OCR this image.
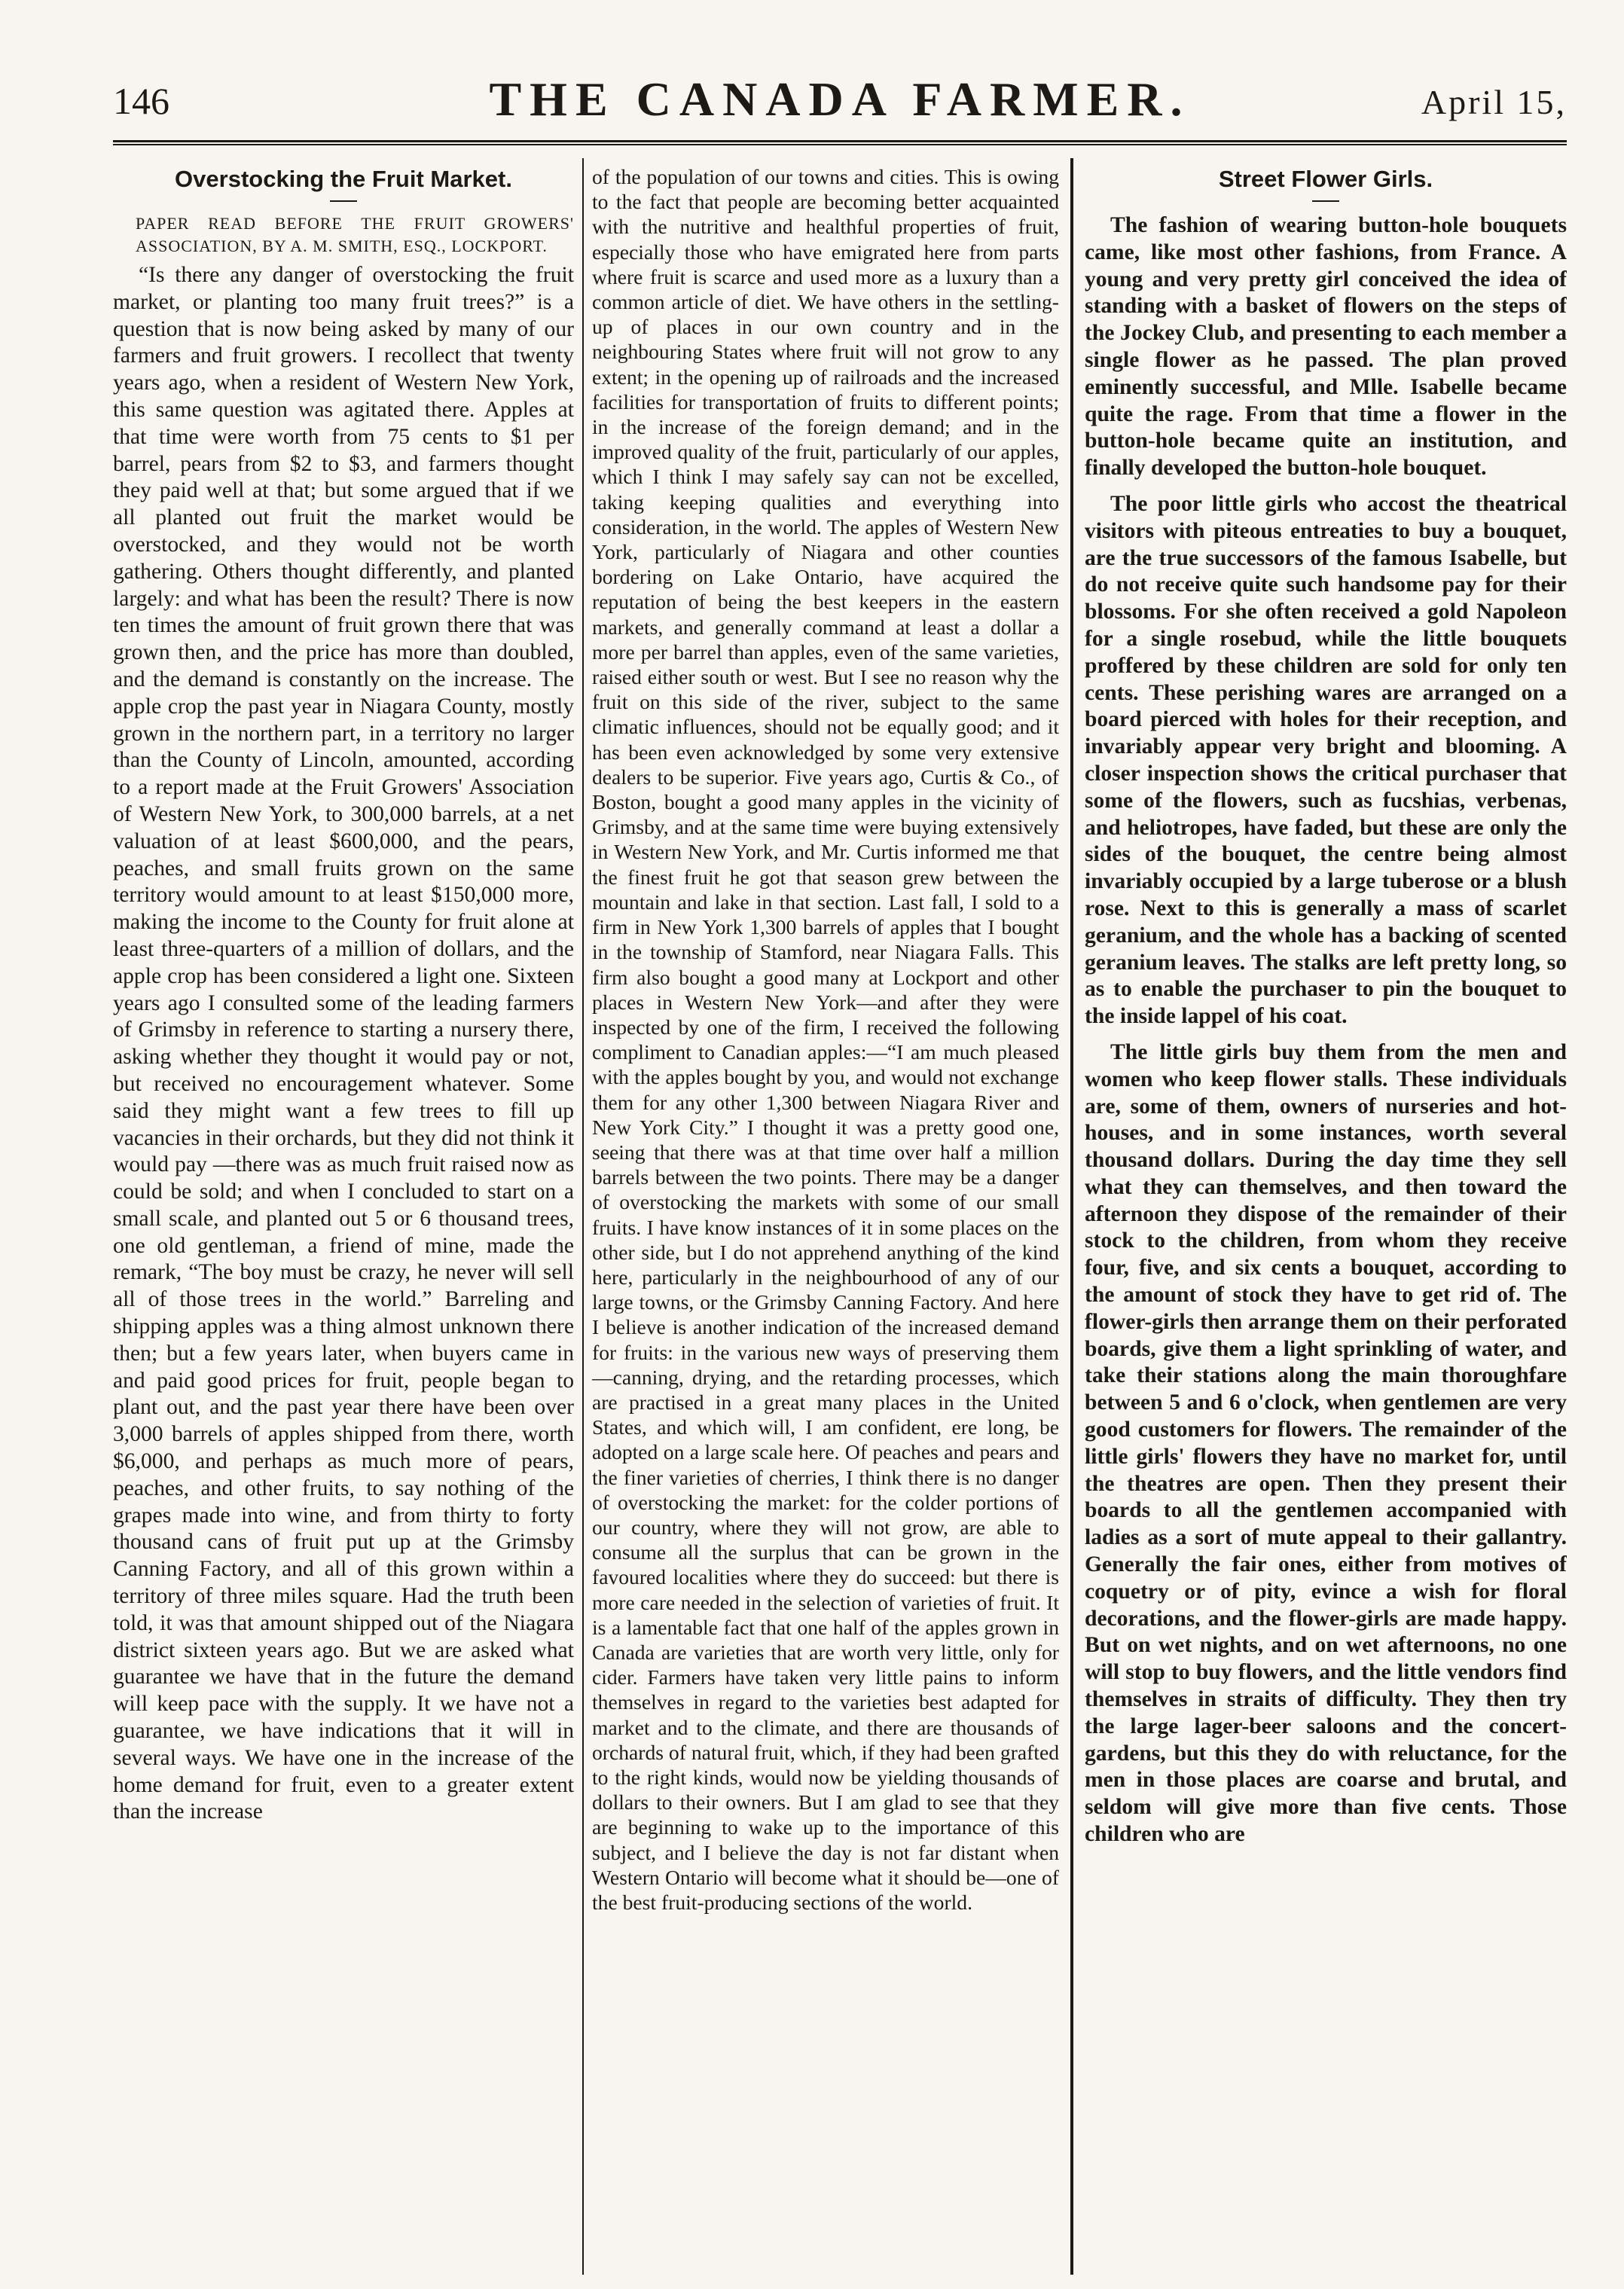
146	THE CANADA FARMER.	April 15,
Overstocking the Fruit Market.

PAPER READ BEFORE THE FRUIT GROWERS' ASSOCIATION, BY A. M. SMITH, ESQ., LOCKPORT.

“Is there any danger of overstocking the fruit market, or planting too many fruit trees?” is a question that is now being asked by many of our farmers and fruit growers. I recollect that twenty years ago, when a resident of Western New York, this same question was agitated there. Apples at that time were worth from 75 cents to $1 per barrel, pears from $2 to $3, and farmers thought they paid well at that; but some argued that if we all planted out fruit the market would be overstocked, and they would not be worth gathering. Others thought differently, and planted largely: and what has been the result? There is now ten times the amount of fruit grown there that was grown then, and the price has more than doubled, and the demand is constantly on the increase. The apple crop the past year in Niagara County, mostly grown in the northern part, in a territory no larger than the County of Lincoln, amounted, according to a report made at the Fruit Growers' Association of Western New York, to 300,000 barrels, at a net valuation of at least $600,000, and the pears, peaches, and small fruits grown on the same territory would amount to at least $150,000 more, making the income to the County for fruit alone at least three-quarters of a million of dollars, and the apple crop has been considered a light one. Sixteen years ago I consulted some of the leading farmers of Grimsby in reference to starting a nursery there, asking whether they thought it would pay or not, but received no encouragement whatever. Some said they might want a few trees to fill up vacancies in their orchards, but they did not think it would pay —there was as much fruit raised now as could be sold; and when I concluded to start on a small scale, and planted out 5 or 6 thousand trees, one old gentleman, a friend of mine, made the remark, “The boy must be crazy, he never will sell all of those trees in the world.” Barreling and shipping apples was a thing almost unknown there then; but a few years later, when buyers came in and paid good prices for fruit, people began to plant out, and the past year there have been over 3,000 barrels of apples shipped from there, worth $6,000, and perhaps as much more of pears, peaches, and other fruits, to say nothing of the grapes made into wine, and from thirty to forty thousand cans of fruit put up at the Grimsby Canning Factory, and all of this grown within a territory of three miles square. Had the truth been told, it was that amount shipped out of the Niagara district sixteen years ago. But we are asked what guarantee we have that in the future the demand will keep pace with the supply. It we have not a guarantee, we have indications that it will in several ways. We have one in the increase of the home demand for fruit, even to a greater extent than the increase

of the population of our towns and cities. This is owing to the fact that people are becoming better acquainted with the nutritive and healthful properties of fruit, especially those who have emigrated here from parts where fruit is scarce and used more as a luxury than a common article of diet. We have others in the settling-up of places in our own country and in the neighbouring States where fruit will not grow to any extent; in the opening up of railroads and the increased facilities for transportation of fruits to different points; in the increase of the foreign demand; and in the improved quality of the fruit, particularly of our apples, which I think I may safely say can not be excelled, taking keeping qualities and everything into consideration, in the world. The apples of Western New York, particularly of Niagara and other counties bordering on Lake Ontario, have acquired the reputation of being the best keepers in the eastern markets, and generally command at least a dollar a more per barrel than apples, even of the same varieties, raised either south or west. But I see no reason why the fruit on this side of the river, subject to the same climatic influences, should not be equally good; and it has been even acknowledged by some very extensive dealers to be superior. Five years ago, Curtis & Co., of Boston, bought a good many apples in the vicinity of Grimsby, and at the same time were buying extensively in Western New York, and Mr. Curtis informed me that the finest fruit he got that season grew between the mountain and lake in that section. Last fall, I sold to a firm in New York 1,300 barrels of apples that I bought in the township of Stamford, near Niagara Falls. This firm also bought a good many at Lockport and other places in Western New York—and after they were inspected by one of the firm, I received the following compliment to Canadian apples:—“I am much pleased with the apples bought by you, and would not exchange them for any other 1,300 between Niagara River and New York City.” I thought it was a pretty good one, seeing that there was at that time over half a million barrels between the two points. There may be a danger of overstocking the markets with some of our small fruits. I have know instances of it in some places on the other side, but I do not apprehend anything of the kind here, particularly in the neighbourhood of any of our large towns, or the Grimsby Canning Factory. And here I believe is another indication of the increased demand for fruits: in the various new ways of preserving them—canning, drying, and the retarding processes, which are practised in a great many places in the United States, and which will, I am confident, ere long, be adopted on a large scale here. Of peaches and pears and the finer varieties of cherries, I think there is no danger of overstocking the market: for the colder portions of our country, where they will not grow, are able to consume all the surplus that can be grown in the favoured localities where they do succeed: but there is more care needed in the selection of varieties of fruit. It is a lamentable fact that one half of the apples grown in Canada are varieties that are worth very little, only for cider. Farmers have taken very little pains to inform themselves in regard to the varieties best adapted for market and to the climate, and there are thousands of orchards of natural fruit, which, if they had been grafted to the right kinds, would now be yielding thousands of dollars to their owners. But I am glad to see that they are beginning to wake up to the importance of this subject, and I believe the day is not far distant when Western Ontario will become what it should be—one of the best fruit-producing sections of the world.

Street Flower Girls.

The fashion of wearing button-hole bouquets came, like most other fashions, from France. A young and very pretty girl conceived the idea of standing with a basket of flowers on the steps of the Jockey Club, and presenting to each member a single flower as he passed. The plan proved eminently successful, and Mlle. Isabelle became quite the rage. From that time a flower in the button-hole became quite an institution, and finally developed the button-hole bouquet.

The poor little girls who accost the theatrical visitors with piteous entreaties to buy a bouquet, are the true successors of the famous Isabelle, but do not receive quite such handsome pay for their blossoms. For she often received a gold Napoleon for a single rosebud, while the little bouquets proffered by these children are sold for only ten cents. These perishing wares are arranged on a board pierced with holes for their reception, and invariably appear very bright and blooming. A closer inspection shows the critical purchaser that some of the flowers, such as fucshias, verbenas, and heliotropes, have faded, but these are only the sides of the bouquet, the centre being almost invariably occupied by a large tuberose or a blush rose. Next to this is generally a mass of scarlet geranium, and the whole has a backing of scented geranium leaves. The stalks are left pretty long, so as to enable the purchaser to pin the bouquet to the inside lappel of his coat.

The little girls buy them from the men and women who keep flower stalls. These individuals are, some of them, owners of nurseries and hot-houses, and in some instances, worth several thousand dollars. During the day time they sell what they can themselves, and then toward the afternoon they dispose of the remainder of their stock to the children, from whom they receive four, five, and six cents a bouquet, according to the amount of stock they have to get rid of. The flower-girls then arrange them on their perforated boards, give them a light sprinkling of water, and take their stations along the main thoroughfare between 5 and 6 o'clock, when gentlemen are very good customers for flowers. The remainder of the little girls' flowers they have no market for, until the theatres are open. Then they present their boards to all the gentlemen accompanied with ladies as a sort of mute appeal to their gallantry. Generally the fair ones, either from motives of coquetry or of pity, evince a wish for floral decorations, and the flower-girls are made happy. But on wet nights, and on wet afternoons, no one will stop to buy flowers, and the little vendors find themselves in straits of difficulty. They then try the large lager-beer saloons and the concert-gardens, but this they do with reluctance, for the men in those places are coarse and brutal, and seldom will give more than five cents. Those children who are
